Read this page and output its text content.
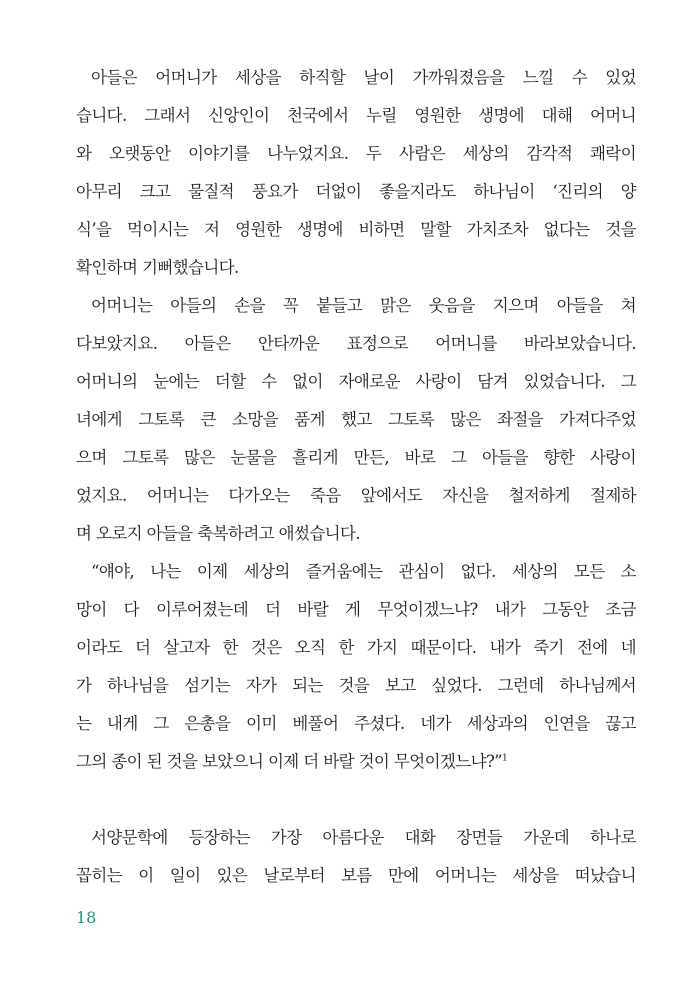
아들은 어머니가 세상을 하직할 날이 가까워졌음을 느낄 수 있었
습니다. 그래서 신앙인이 천국에서 누릴 영원한 생명에 대해 어머니
와 오랫동안 이야기를 나누었지요. 두 사람은 세상의 감각적 쾌락이
아무리 크고 물질적 풍요가 더없이 좋을지라도 하나님이 ‘진리의 양
식’을 먹이시는 저 영원한 생명에 비하면 말할 가치조차 없다는 것을
확인하며 기뻐했습니다.
어머니는 아들의 손을 꼭 붙들고 맑은 웃음을 지으며 아들을 쳐
다보았지요. 아들은 안타까운 표정으로 어머니를 바라보았습니다.
어머니의 눈에는 더할 수 없이 자애로운 사랑이 담겨 있었습니다. 그
녀에게 그토록 큰 소망을 품게 했고 그토록 많은 좌절을 가져다주었
으며 그토록 많은 눈물을 흘리게 만든, 바로 그 아들을 향한 사랑이
었지요. 어머니는 다가오는 죽음 앞에서도 자신을 철저하게 절제하
며 오로지 아들을 축복하려고 애썼습니다.
“얘야, 나는 이제 세상의 즐거움에는 관심이 없다. 세상의 모든 소
망이 다 이루어졌는데 더 바랄 게 무엇이겠느냐? 내가 그동안 조금
이라도 더 살고자 한 것은 오직 한 가지 때문이다. 내가 죽기 전에 네
가 하나님을 섬기는 자가 되는 것을 보고 싶었다. 그런데 하나님께서
는 내게 그 은총을 이미 베풀어 주셨다. 네가 세상과의 인연을 끊고
그의 종이 된 것을 보았으니 이제 더 바랄 것이 무엇이겠느냐?”$^1$
서양문학에 등장하는 가장 아름다운 대화 장면들 가운데 하나로
꼽히는 이 일이 있은 날로부터 보름 만에 어머니는 세상을 떠났습니
18
